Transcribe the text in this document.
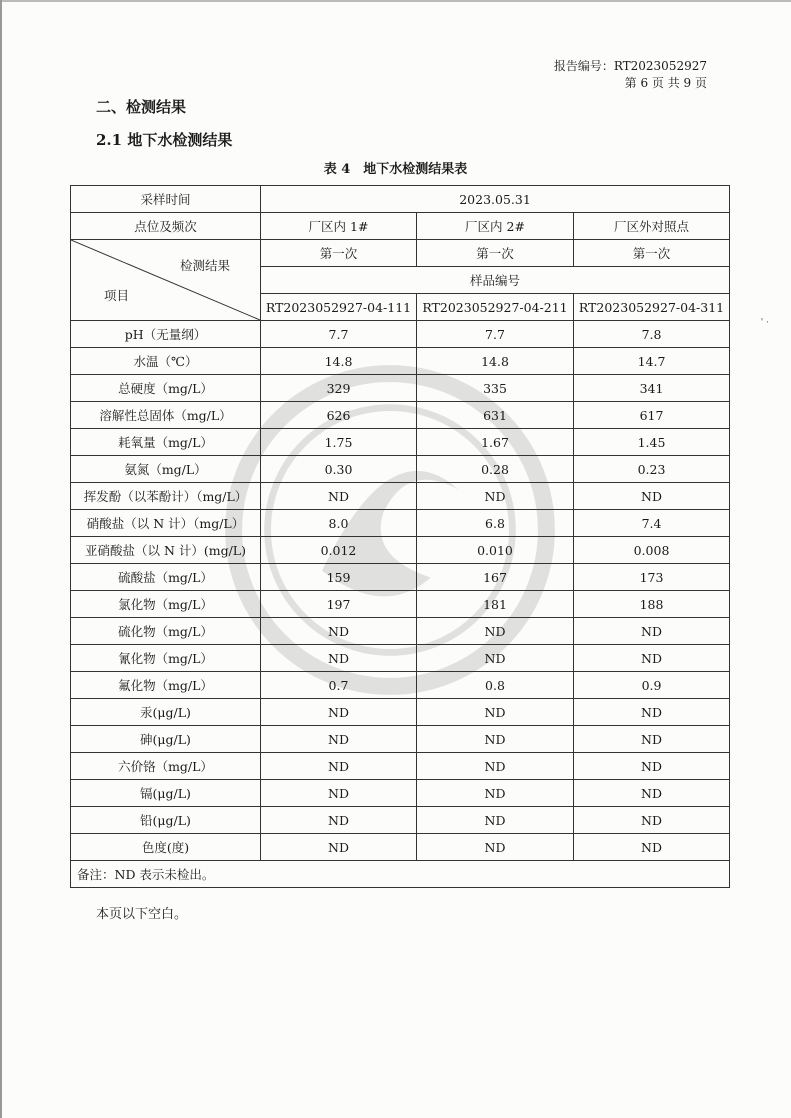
报告编号：RT2023052927
第 6 页 共 9 页
二、检测结果
2.1 地下水检测结果
表 4　地下水检测结果表
' ·
采样时间	2023.05.31		
点位及频次	厂区内 1#	厂区内 2#	厂区外对照点

检测结果
项目	第一次	第一次	第一次
	样品编号		
	RT2023052927-04-111	RT2023052927-04-211	RT2023052927-04-311
pH（无量纲）	7.7	7.7	7.8
水温（℃）	14.8	14.8	14.7
总硬度（mg/L）	329	335	341
溶解性总固体（mg/L）	626	631	617
耗氧量（mg/L）	1.75	1.67	1.45
氨氮（mg/L）	0.30	0.28	0.23
挥发酚（以苯酚计）（mg/L）	ND	ND	ND
硝酸盐（以 N 计）（mg/L）	8.0	6.8	7.4
亚硝酸盐（以 N 计）(mg/L)	0.012	0.010	0.008
硫酸盐（mg/L）	159	167	173
氯化物（mg/L）	197	181	188
硫化物（mg/L）	ND	ND	ND
氰化物（mg/L）	ND	ND	ND
氟化物（mg/L）	0.7	0.8	0.9
汞(μg/L)	ND	ND	ND
砷(μg/L)	ND	ND	ND
六价铬（mg/L）	ND	ND	ND
镉(μg/L)	ND	ND	ND
铅(μg/L)	ND	ND	ND
色度(度)	ND	ND	ND
备注：ND 表示未检出。			
本页以下空白。
